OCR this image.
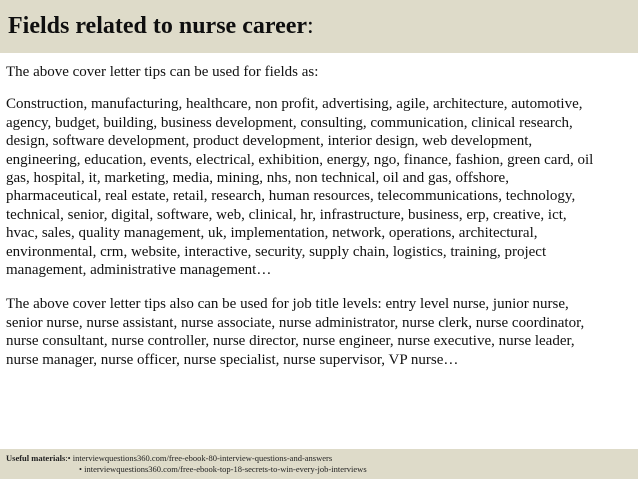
Fields related to nurse career:

The above cover letter tips can be used for fields as:

Construction, manufacturing, healthcare, non profit, advertising, agile, architecture, automotive,

agency, budget, building, business development, consulting, communication, clinical research,

design, software development, product development, interior design, web development,

engineering, education, events, electrical, exhibition, energy, ngo, finance, fashion, green card, oil

gas, hospital, it, marketing, media, mining, nhs, non technical, oil and gas, offshore,

pharmaceutical, real estate, retail, research, human resources, telecommunications, technology,

technical, senior, digital, software, web, clinical, hr, infrastructure, business, erp, creative, ict,

hvac, sales, quality management, uk, implementation, network, operations, architectural,

environmental, crm, website, interactive, security, supply chain, logistics, training, project

management, administrative management…

The above cover letter tips also can be used for job title levels: entry level nurse, junior nurse,

senior nurse, nurse assistant, nurse associate, nurse administrator, nurse clerk, nurse coordinator,

nurse consultant, nurse controller, nurse director, nurse engineer, nurse executive, nurse leader,

nurse manager, nurse officer, nurse specialist, nurse supervisor, VP nurse…

Useful materials : • interviewquestions360.com/free-ebook-80-interview-questions-and-answers
• interviewquestions360.com/free-ebook-top-18-secrets-to-win-every-job-interviews
